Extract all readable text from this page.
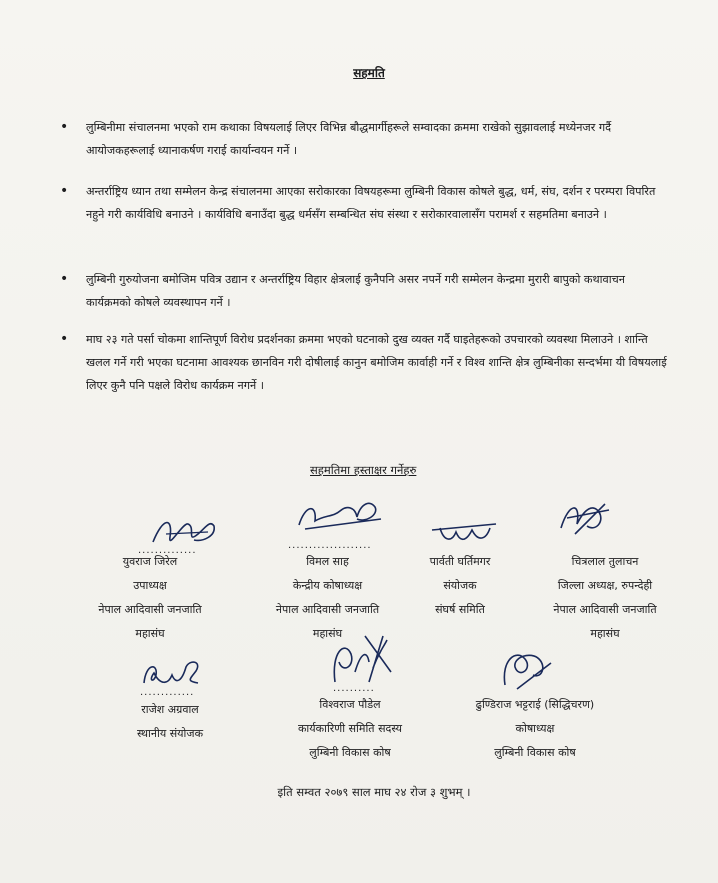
सहमति
• लुम्बिनीमा संचालनमा भएको राम कथाका विषयलाई लिएर विभिन्न बौद्धमार्गीहरूले सम्वादका क्रममा राखेको सुझावलाई मध्येनजर गर्दै आयोजकहरूलाई ध्यानाकर्षण गराई कार्यान्वयन गर्ने ।
• अन्तर्राष्ट्रिय ध्यान तथा सम्मेलन केन्द्र संचालनमा आएका सरोकारका विषयहरूमा लुम्बिनी विकास कोषले बुद्ध, धर्म, संघ, दर्शन र परम्परा विपरित नहुने गरी कार्यविधि बनाउने । कार्यविधि बनाउँदा बुद्ध धर्मसँग सम्बन्धित संघ संस्था र सरोकारवालासँग परामर्श र सहमतिमा बनाउने ।
• लुम्बिनी गुरुयोजना बमोजिम पवित्र उद्यान र अन्तर्राष्ट्रिय विहार क्षेत्रलाई कुनैपनि असर नपर्ने गरी सम्मेलन केन्द्रमा मुरारी बापुको कथावाचन कार्यक्रमको कोषले व्यवस्थापन गर्ने ।
• माघ २३ गते पर्सा चोकमा शान्तिपूर्ण विरोध प्रदर्शनका क्रममा भएको घटनाको दुख व्यक्त गर्दै घाइतेहरूको उपचारको व्यवस्था मिलाउने । शान्ति खलल गर्ने गरी भएका घटनामा आवश्यक छानविन गरी दोषीलाई कानुन बमोजिम कार्वाही गर्ने र विश्व शान्ति क्षेत्र लुम्बिनीका सन्दर्भमा यी विषयलाई लिएर कुनै पनि पक्षले विरोध कार्यक्रम नगर्ने ।
सहमतिमा हस्ताक्षर गर्नेहरु
..............	....................
.............	..........
युवराज जिरेल
उपाध्यक्ष
नेपाल आदिवासी जनजाति
महासंघ
विमल साह
केन्द्रीय कोषाध्यक्ष
नेपाल आदिवासी जनजाति
महासंघ
पार्वती घर्तिमगर
संयोजक
संघर्ष समिति
चित्रलाल तुलाचन
जिल्ला अध्यक्ष, रुपन्देही
नेपाल आदिवासी जनजाति
महासंघ
राजेश अग्रवाल
स्थानीय संयोजक
विश्वराज पौडेल
कार्यकारिणी समिति सदस्य
लुम्बिनी विकास कोष
ढुण्डिराज भट्टराई (सिद्धिचरण)
कोषाध्यक्ष
लुम्बिनी विकास कोष
इति सम्वत २०७९ साल माघ २४ रोज ३ शुभम् ।
